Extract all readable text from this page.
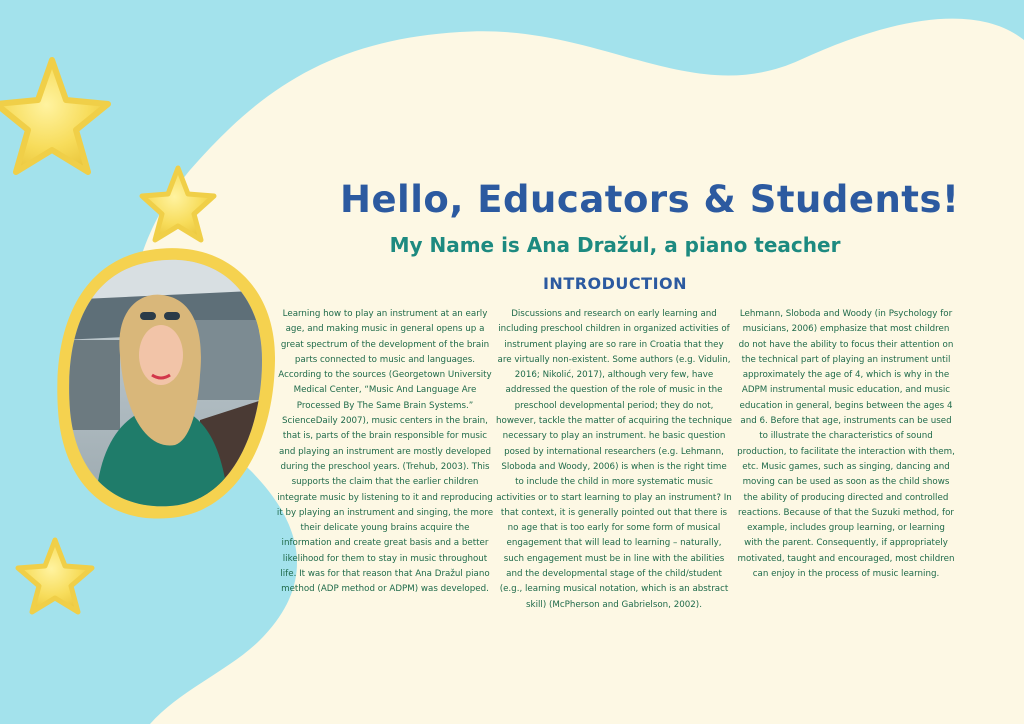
Hello, Educators & Students!
My Name is Ana Dražul, a piano teacher
INTRODUCTION

Learning how to play an instrument at an early age, and making music in general opens up a great spectrum of the development of the brain parts connected to music and languages. According to the sources (Georgetown University Medical Center, “Music And Language Are Processed By The Same Brain Systems.” ScienceDaily 2007), music centers in the brain, that is, parts of the brain responsible for music and playing an instrument are mostly developed during the preschool years. (Trehub, 2003). This supports the claim that the earlier children integrate music by listening to it and reproducing it by playing an instrument and singing, the more their delicate young brains acquire the information and create great basis and a better likelihood for them to stay in music throughout life. It was for that reason that Ana Dražul piano method (ADP method or ADPM) was developed.

Discussions and research on early learning and including preschool children in organized activities of instrument playing are so rare in Croatia that they are virtually non-existent. Some authors (e.g. Vidulin, 2016; Nikolić, 2017), although very few, have addressed the question of the role of music in the preschool developmental period; they do not, however, tackle the matter of acquiring the technique necessary to play an instrument. he basic question posed by international researchers (e.g. Lehmann, Sloboda and Woody, 2006) is when is the right time to include the child in more systematic music activities or to start learning to play an instrument? In that context, it is generally pointed out that there is no age that is too early for some form of musical engagement that will lead to learning – naturally, such engagement must be in line with the abilities and the developmental stage of the child/student (e.g., learning musical notation, which is an abstract skill) (McPherson and Gabrielson, 2002).

Lehmann, Sloboda and Woody (in Psychology for musicians, 2006) emphasize that most children do not have the ability to focus their attention on the technical part of playing an instrument until approximately the age of 4, which is why in the ADPM instrumental music education, and music education in general, begins between the ages 4 and 6. Before that age, instruments can be used to illustrate the characteristics of sound production, to facilitate the interaction with them, etc. Music games, such as singing, dancing and moving can be used as soon as the child shows the ability of producing directed and controlled reactions. Because of that the Suzuki method, for example, includes group learning, or learning with the parent. Consequently, if appropriately motivated, taught and encouraged, most children can enjoy in the process of music learning.
